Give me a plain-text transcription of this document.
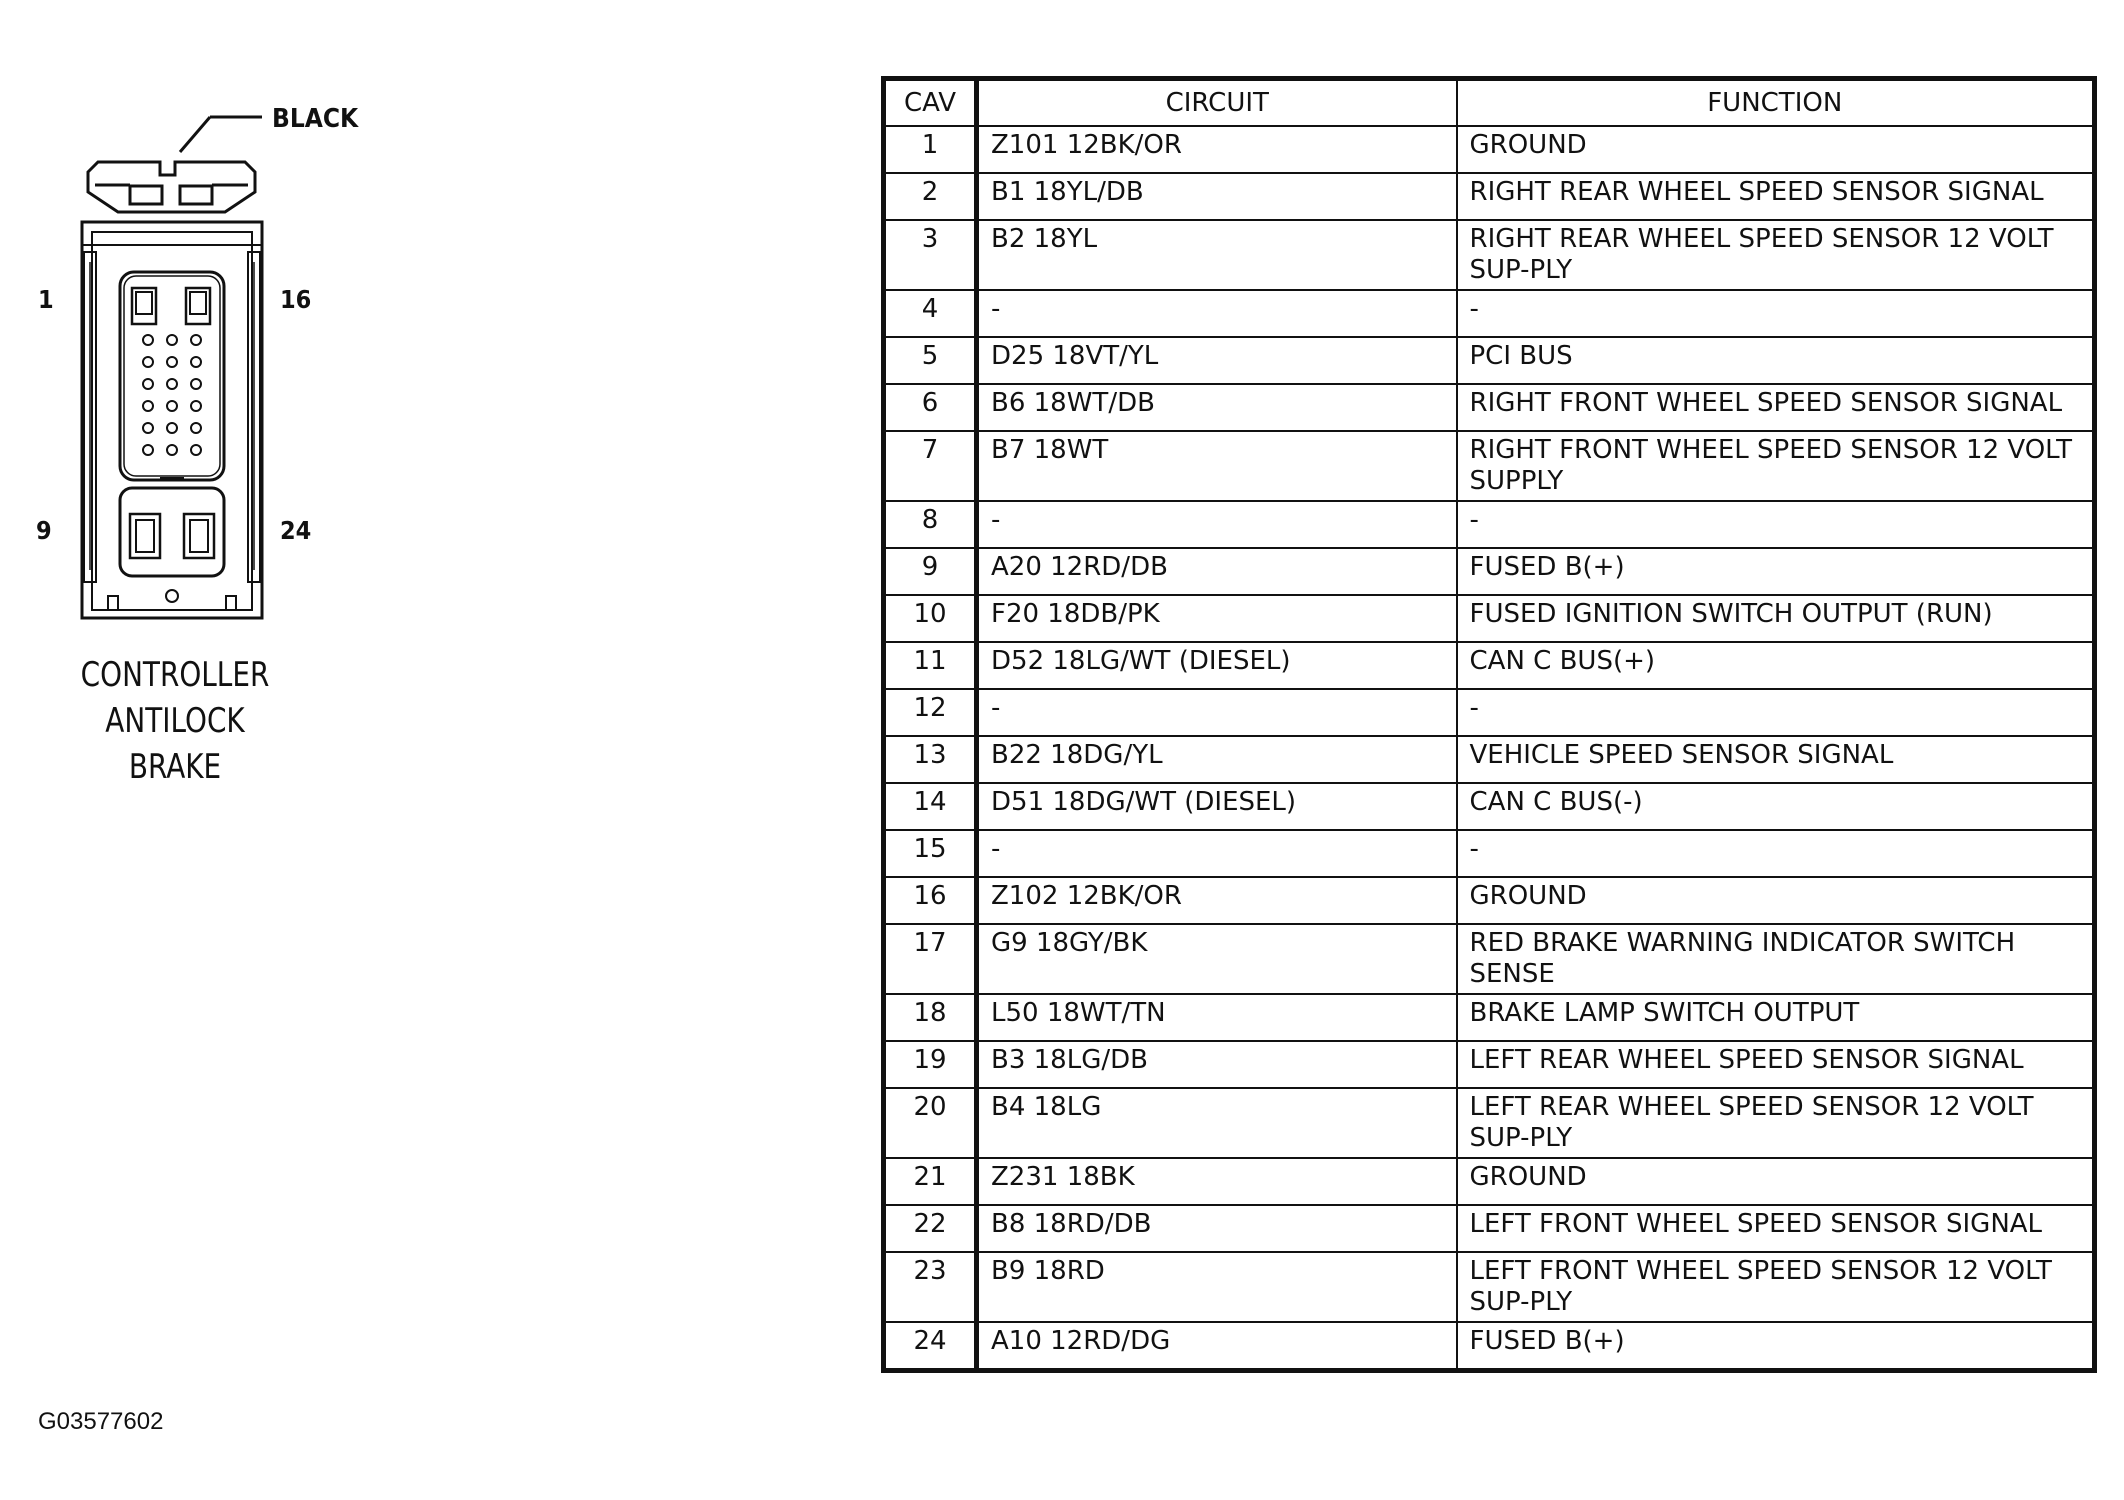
BLACK
1	16
9	24
CONTROLLER
ANTILOCK
BRAKE
G03577602
CAV	CIRCUIT	FUNCTION
1	Z101 12BK/OR	GROUND
2	B1 18YL/DB	RIGHT REAR WHEEL SPEED SENSOR SIGNAL
3	B2 18YL	RIGHT REAR WHEEL SPEED SENSOR 12 VOLT SUP-PLY
4	-	-
5	D25 18VT/YL	PCI BUS
6	B6 18WT/DB	RIGHT FRONT WHEEL SPEED SENSOR SIGNAL
7	B7 18WT	RIGHT FRONT WHEEL SPEED SENSOR 12 VOLT SUPPLY
8	-	-
9	A20 12RD/DB	FUSED B(+)
10	F20 18DB/PK	FUSED IGNITION SWITCH OUTPUT (RUN)
11	D52 18LG/WT (DIESEL)	CAN C BUS(+)
12	-	-
13	B22 18DG/YL	VEHICLE SPEED SENSOR SIGNAL
14	D51 18DG/WT (DIESEL)	CAN C BUS(-)
15	-	-
16	Z102 12BK/OR	GROUND
17	G9 18GY/BK	RED BRAKE WARNING INDICATOR SWITCH SENSE
18	L50 18WT/TN	BRAKE LAMP SWITCH OUTPUT
19	B3 18LG/DB	LEFT REAR WHEEL SPEED SENSOR SIGNAL
20	B4 18LG	LEFT REAR WHEEL SPEED SENSOR 12 VOLT SUP-PLY
21	Z231 18BK	GROUND
22	B8 18RD/DB	LEFT FRONT WHEEL SPEED SENSOR SIGNAL
23	B9 18RD	LEFT FRONT WHEEL SPEED SENSOR 12 VOLT SUP-PLY
24	A10 12RD/DG	FUSED B(+)
